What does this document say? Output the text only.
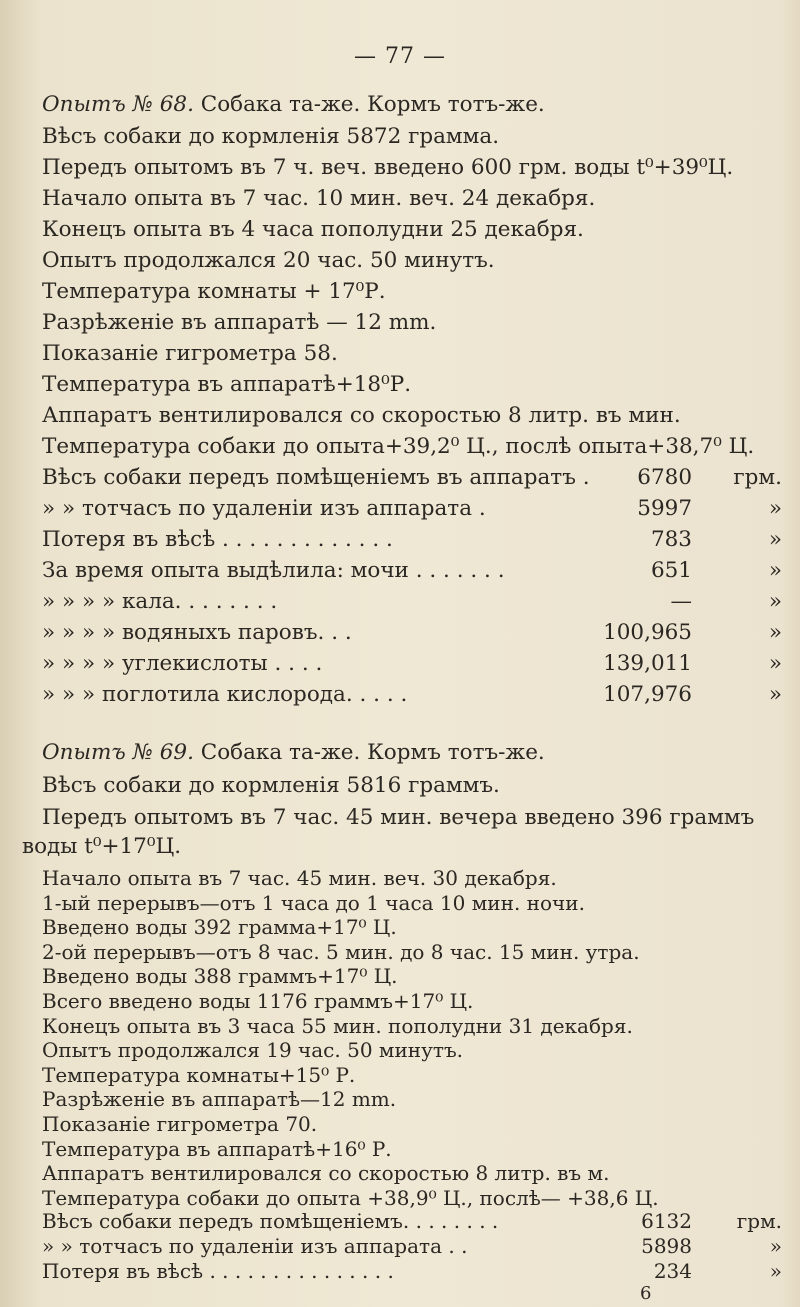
— 77 —
Опытъ № 68. Собака та-же. Кормъ тотъ-же.
Вѣсъ собаки до кормленія 5872 грамма.
Передъ опытомъ въ 7 ч. веч. введено 600 грм. воды t⁰+39⁰Ц.
Начало опыта въ 7 час. 10 мин. веч. 24 декабря.
Конецъ опыта въ 4 часа пополудни 25 декабря.
Опытъ продолжался 20 час. 50 минутъ.
Температура комнаты + 17⁰Р.
Разрѣженіе въ аппаратѣ — 12 mm.
Показаніе гигрометра 58.
Температура въ аппаратѣ+18⁰Р.
Аппаратъ вентилировался со скоростью 8 литр. въ мин.
Температура собаки до опыта+39,2⁰ Ц., послѣ опыта+38,7⁰ Ц.
Вѣсъ собаки передъ помѣщеніемъ въ аппаратъ . 6780 грм.
» » тотчасъ по удаленіи изъ аппарата .	5997	»
Потеря въ вѣсѣ . . . . . . . . . . . . .	783	»
За время опыта выдѣлила: мочи . . . . . . .	651	»
» » » » кала. . . . . . . .	—	»
» » » » водяныхъ паровъ. . .	100,965	»
» » » » углекислоты . . . .	139,011	»
» » » поглотила кислорода. . . . .	107,976	»
Опытъ № 69. Собака та-же. Кормъ тотъ-же.
Вѣсъ собаки до кормленія 5816 граммъ.
Передъ опытомъ въ 7 час. 45 мин. вечера введено 396 граммъ
воды t⁰+17⁰Ц.
Начало опыта въ 7 час. 45 мин. веч. 30 декабря.
1-ый перерывъ—отъ 1 часа до 1 часа 10 мин. ночи.
Введено воды 392 грамма+17⁰ Ц.
2-ой перерывъ—отъ 8 час. 5 мин. до 8 час. 15 мин. утра.
Введено воды 388 граммъ+17⁰ Ц.
Всего введено воды 1176 граммъ+17⁰ Ц.
Конецъ опыта въ 3 часа 55 мин. пополудни 31 декабря.
Опытъ продолжался 19 час. 50 минутъ.
Температура комнаты+15⁰ Р.
Разрѣженіе въ аппаратѣ—12 mm.
Показаніе гигрометра 70.
Температура въ аппаратѣ+16⁰ Р.
Аппаратъ вентилировался со скоростью 8 литр. въ м.
Температура собаки до опыта +38,9⁰ Ц., послѣ— +38,6 Ц.
Вѣсъ собаки передъ помѣщеніемъ. . . . . . . .	6132 грм.
» » тотчасъ по удаленіи изъ аппарата . .	5898	»
Потеря въ вѣсѣ . . . . . . . . . . . . . . .	234	»
6
